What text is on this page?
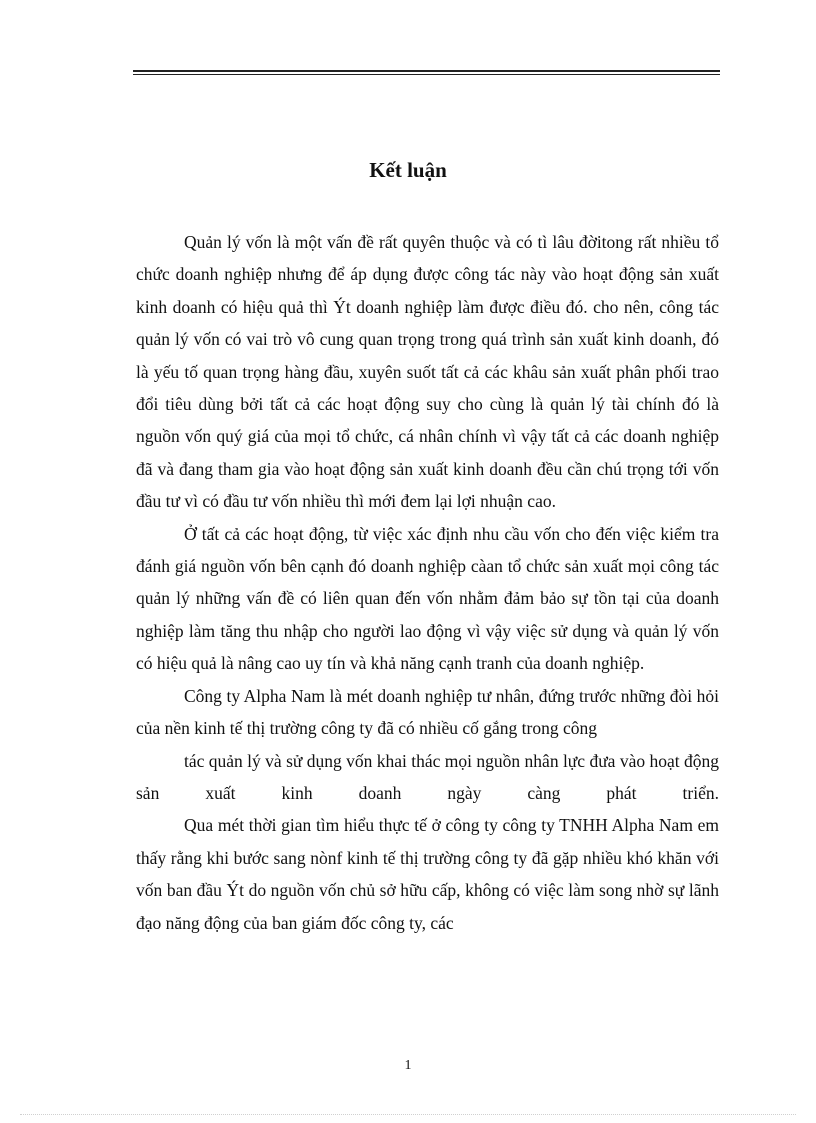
Kết luận

Quản lý vốn là một vấn đề rất quyên thuộc và có tì lâu đờitong rất nhiều tổ chức doanh nghiệp nhưng để áp dụng được công tác này vào hoạt động sản xuất kinh doanh có hiệu quả thì Ýt doanh nghiệp làm được điều đó. cho nên, công tác quản lý vốn có vai trò vô cung quan trọng trong quá trình sản xuất kinh doanh, đó là yếu tố quan trọng hàng đầu, xuyên suốt tất cả các khâu sản xuất phân phối trao đổi tiêu dùng bởi tất cả các hoạt động suy cho cùng là quản lý tài chính đó là nguồn vốn quý giá của mọi tổ chức, cá nhân chính vì vậy tất cả các doanh nghiệp đã và đang tham gia vào hoạt động sản xuất kinh doanh đều cần chú trọng tới vốn đầu tư vì có đầu tư vốn nhiều thì mới đem lại lợi nhuận cao.

Ở tất cả các hoạt động, từ việc xác định nhu cầu vốn cho đến việc kiểm tra đánh giá nguồn vốn bên cạnh đó doanh nghiệp càan tổ chức sản xuất mọi công tác quản lý những vấn đề có liên quan đến vốn nhằm đảm bảo sự tồn tại của doanh nghiệp làm tăng thu nhập cho người lao động vì vậy việc sử dụng và quản lý vốn có hiệu quả là nâng cao uy tín và khả năng cạnh tranh của doanh nghiệp.

Công ty Alpha Nam là mét doanh nghiệp tư nhân, đứng trước những đòi hỏi của nền kinh tế thị trường công ty đã có nhiều cố gắng trong công

tác quản lý và sử dụng vốn khai thác mọi nguồn nhân lực đưa vào hoạt động sản xuất kinh doanh ngày càng phát triển.

Qua mét thời gian tìm hiểu thực tế ở công ty công ty TNHH Alpha Nam em thấy rằng khi bước sang nònf kinh tế thị trường công ty đã gặp nhiều khó khăn với vốn ban đầu Ýt do nguồn vốn chủ sở hữu cấp, không có việc làm song nhờ sự lãnh đạo năng động của ban giám đốc công ty, các

1
